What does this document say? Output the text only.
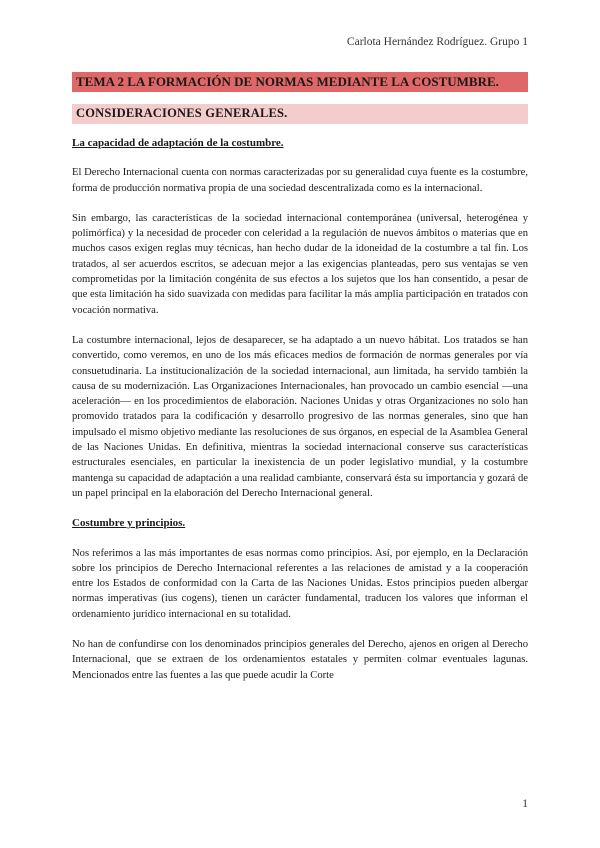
Carlota Hernández Rodríguez. Grupo 1
TEMA 2 LA FORMACIÓN DE NORMAS MEDIANTE LA COSTUMBRE.
CONSIDERACIONES GENERALES.
La capacidad de adaptación de la costumbre.

El Derecho Internacional cuenta con normas caracterizadas por su generalidad cuya fuente es la costumbre, forma de producción normativa propia de una sociedad descentralizada como es la internacional.

Sin embargo, las características de la sociedad internacional contemporánea (universal, heterogénea y polimórfica) y la necesidad de proceder con celeridad a la regulación de nuevos ámbitos o materias que en muchos casos exigen reglas muy técnicas, han hecho dudar de la idoneidad de la costumbre a tal fin. Los tratados, al ser acuerdos escritos, se adecuan mejor a las exigencias planteadas, pero sus ventajas se ven comprometidas por la limitación congénita de sus efectos a los sujetos que los han consentido, a pesar de que esta limitación ha sido suavizada con medidas para facilitar la más amplia participación en tratados con vocación normativa.

La costumbre internacional, lejos de desaparecer, se ha adaptado a un nuevo hábitat. Los tratados se han convertido, como veremos, en uno de los más eficaces medios de formación de normas generales por vía consuetudinaria. La institucionalización de la sociedad internacional, aun limitada, ha servido también la causa de su modernización. Las Organizaciones Internacionales, han provocado un cambio esencial —una aceleración— en los procedimientos de elaboración. Naciones Unidas y otras Organizaciones no solo han promovido tratados para la codificación y desarrollo progresivo de las normas generales, sino que han impulsado el mismo objetivo mediante las resoluciones de sus órganos, en especial de la Asamblea General de las Naciones Unidas. En definitiva, mientras la sociedad internacional conserve sus características estructurales esenciales, en particular la inexistencia de un poder legislativo mundial, y la costumbre mantenga su capacidad de adaptación a una realidad cambiante, conservará ésta su importancia y gozará de un papel principal en la elaboración del Derecho Internacional general.

Costumbre y principios.

Nos referimos a las más importantes de esas normas como principios. Así, por ejemplo, en la Declaración sobre los principios de Derecho Internacional referentes a las relaciones de amistad y a la cooperación entre los Estados de conformidad con la Carta de las Naciones Unidas. Estos principios pueden albergar normas imperativas (ius cogens), tienen un carácter fundamental, traducen los valores que informan el ordenamiento jurídico internacional en su totalidad.

No han de confundirse con los denominados principios generales del Derecho, ajenos en origen al Derecho Internacional, que se extraen de los ordenamientos estatales y permiten colmar eventuales lagunas. Mencionados entre las fuentes a las que puede acudir la Corte

1
